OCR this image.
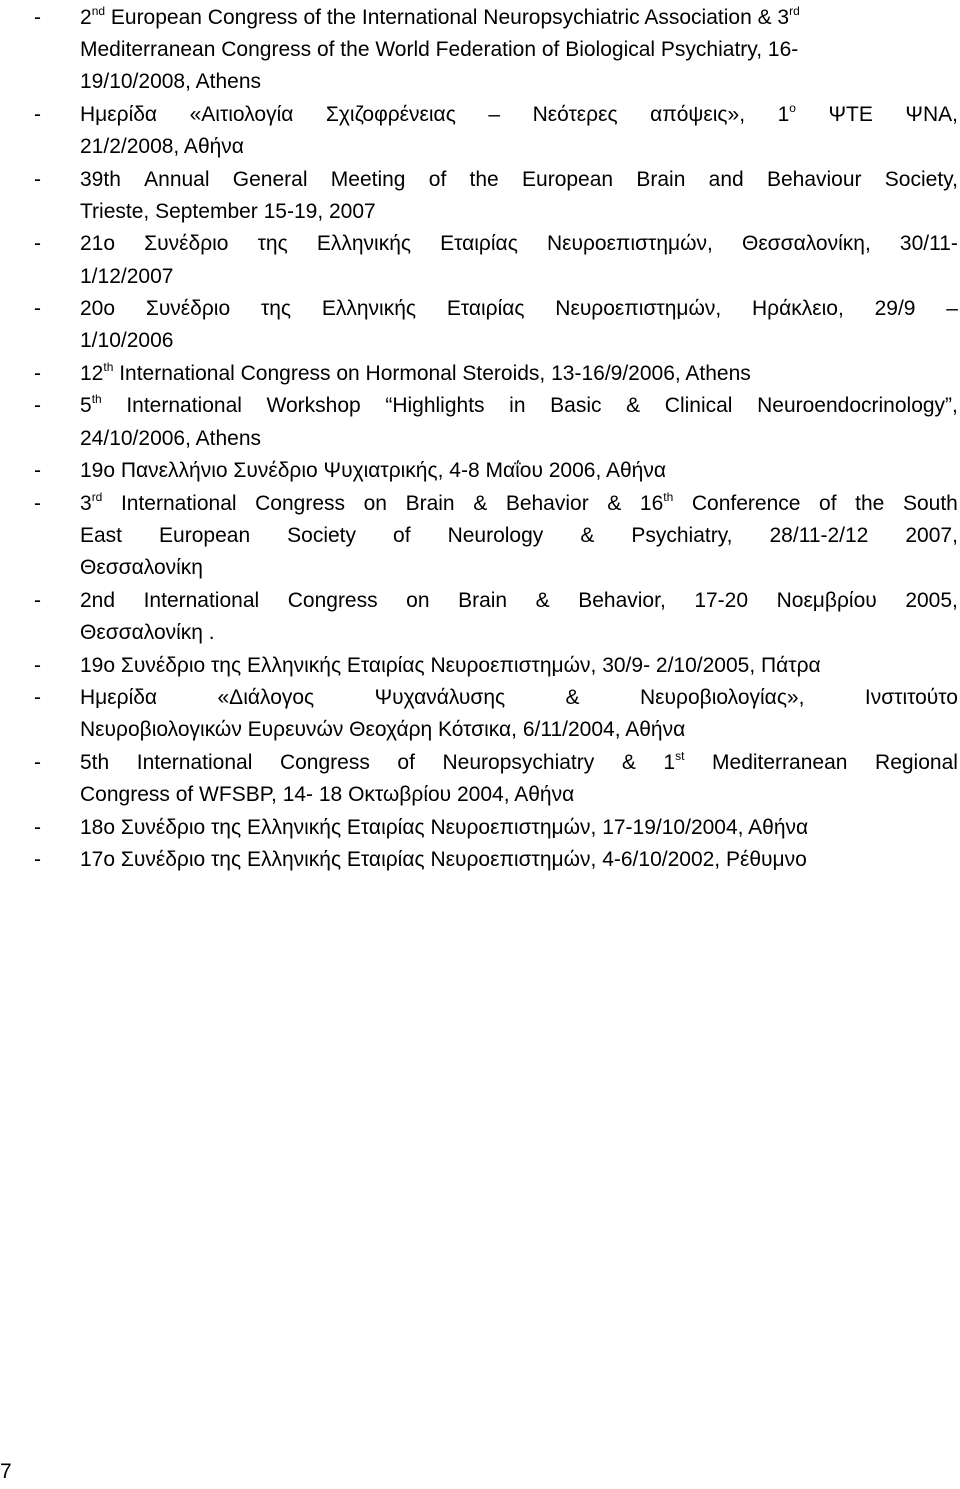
- 2nd European Congress of the International Neuropsychiatric Association & 3rd
Mediterranean Congress of the World Federation of Biological Psychiatry, 16-
19/10/2008, Athens
- Ημερίδα «Αιτιολογία Σχιζοφρένειας – Νεότερες απόψεις», $1^o$ ΨΤΕ ΨΝΑ,
21/2/2008, Αθήνα
- 39th Annual General Meeting of the European Brain and Behaviour Society,
Trieste, September 15-19, 2007
- 21ο Συνέδριο της Ελληνικής Εταιρίας Νευροεπιστημών, Θεσσαλονίκη, 30/11-
1/12/2007
- 20ο Συνέδριο της Ελληνικής Εταιρίας Νευροεπιστημών, Ηράκλειο, 29/9 –
1/10/2006
- 12th International Congress on Hormonal Steroids, 13-16/9/2006, Athens
- 5th International Workshop “Highlights in Basic & Clinical Neuroendocrinology”,
24/10/2006, Athens
- 19ο Πανελλήνιο Συνέδριο Ψυχιατρικής, 4-8 Μαΐου 2006, Αθήνα
- 3rd International Congress on Brain & Behavior & 16th Conference of the South
East European Society of Neurology & Psychiatry, 28/11-2/12 2007,
Θεσσαλονίκη
- 2nd International Congress on Brain & Behavior, 17-20 Νοεμβρίου 2005,
Θεσσαλονίκη .
- 19ο Συνέδριο της Ελληνικής Εταιρίας Νευροεπιστημών, 30/9- 2/10/2005, Πάτρα
- Ημερίδα	«Διάλογος	Ψυχανάλυσης	&	Νευροβιολογίας»,	Ινστιτούτο
Νευροβιολογικών Ευρευνών Θεοχάρη Κότσικα, 6/11/2004, Αθήνα
- 5th International Congress of Neuropsychiatry & 1st Mediterranean Regional
Congress of WFSBP, 14- 18 Οκτωβρίου 2004, Αθήνα
- 18ο Συνέδριο της Ελληνικής Εταιρίας Νευροεπιστημών, 17-19/10/2004, Αθήνα
- 17ο Συνέδριο της Ελληνικής Εταιρίας Νευροεπιστημών, 4-6/10/2002, Ρέθυμνο
7
